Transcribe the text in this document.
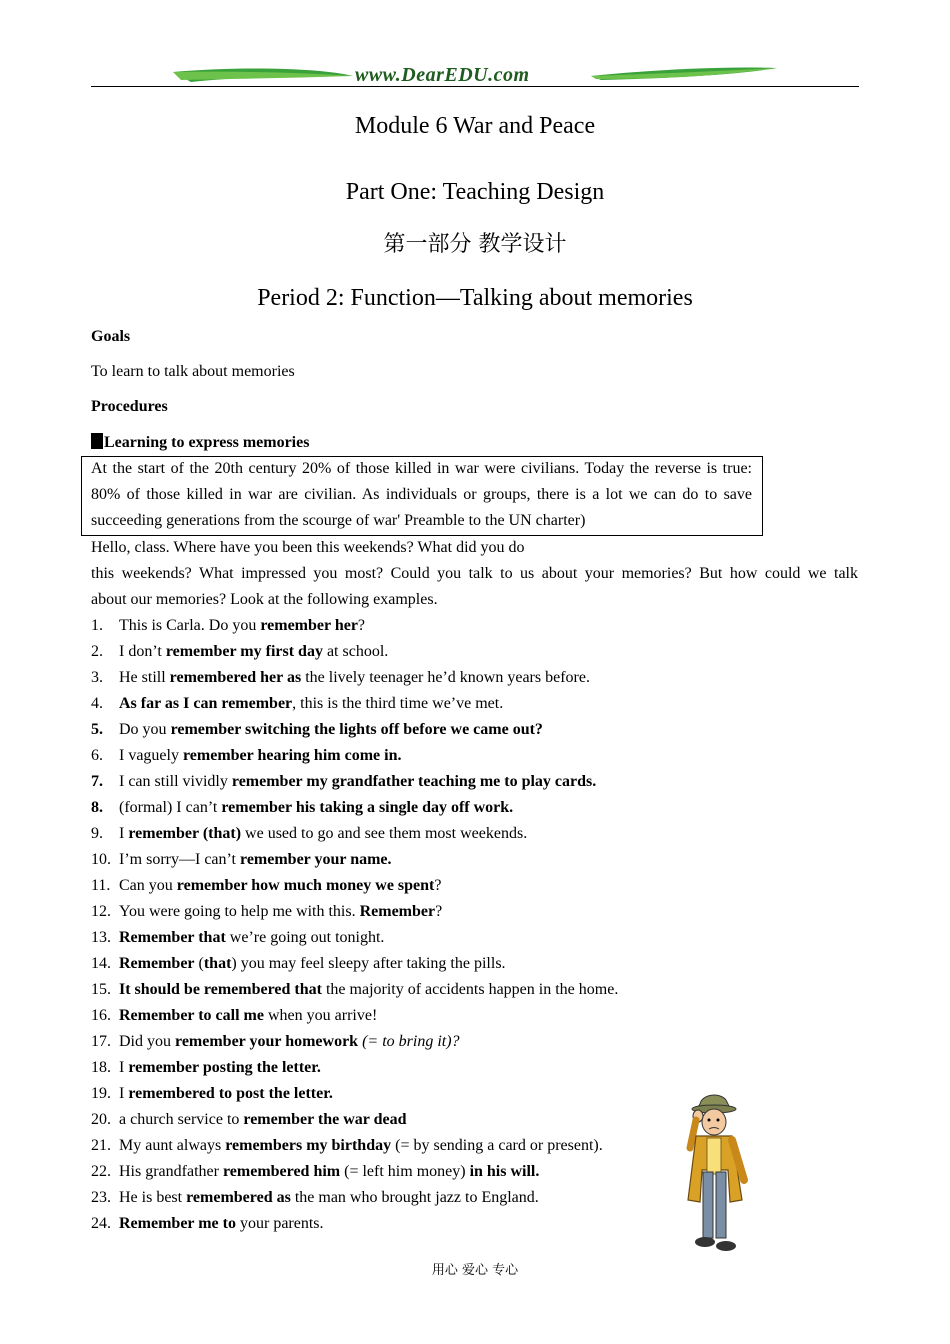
www.DearEDU.com
Module 6 War and Peace
Part One: Teaching Design
第一部分 教学设计
Period 2: Function—Talking about memories
Goals
To learn to talk about memories
Procedures
Learning to express memories
At the start of the 20th century 20% of those killed in war were civilians. Today the reverse is true:
80% of those killed in war are civilian. As individuals or groups, there is a lot we can do to save
succeeding generations from the scourge of war' Preamble to the UN charter)
Hello, class. Where have you been this weekends? What did you do
this weekends? What impressed you most? Could you talk to us about your memories? But how could we talk
about our memories? Look at the following examples.
1. This is Carla. Do you remember her?
2. I don’t remember my first day at school.
3. He still remembered her as the lively teenager he’d known years before.
4. As far as I can remember, this is the third time we’ve met.
5. Do you remember switching the lights off before we came out?
6. I vaguely remember hearing him come in.
7. I can still vividly remember my grandfather teaching me to play cards.
8. (formal) I can’t remember his taking a single day off work.
9. I remember (that) we used to go and see them most weekends.
10. I’m sorry—I can’t remember your name.
11. Can you remember how much money we spent?
12. You were going to help me with this. Remember?
13. Remember that we’re going out tonight.
14. Remember (that) you may feel sleepy after taking the pills.
15. It should be remembered that the majority of accidents happen in the home.
16. Remember to call me when you arrive!
17. Did you remember your homework (= to bring it)?
18. I remember posting the letter.
19. I remembered to post the letter.
20. a church service to remember the war dead
21. My aunt always remembers my birthday (= by sending a card or present).
22. His grandfather remembered him (= left him money) in his will.
23. He is best remembered as the man who brought jazz to England.
24. Remember me to your parents.
用心 爱心 专心
